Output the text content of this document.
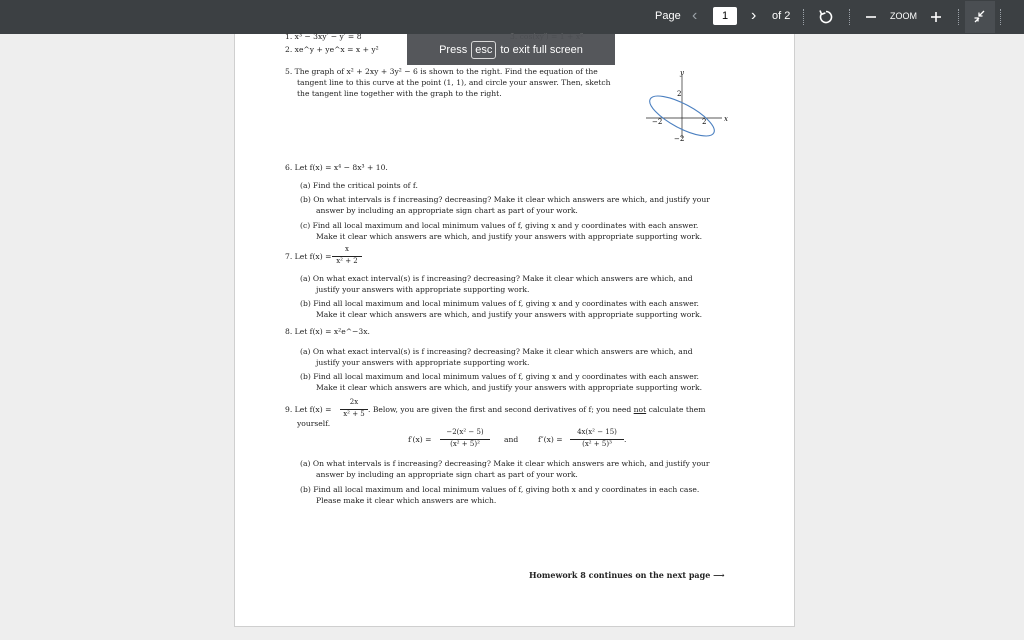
Page ‹	1	› of 2	ZOOM
1. x³ − 3xy′ − y′ = 8
2. xe^y + ye^x = x + y²
5. The graph of x² + 2xy + 3y² − 6 is shown to the right. Find the equation of the
tangent line to this curve at the point (1, 1), and circle your answer. Then, sketch
the tangent line together with the graph to the right.
y
x
2
2
−2
−2
6. Let f(x) = x⁴ − 8x³ + 10.
(a) Find the critical points of f.
(b) On what intervals is f increasing? decreasing? Make it clear which answers are which, and justify your
answer by including an appropriate sign chart as part of your work.
(c) Find all local maximum and local minimum values of f, giving x and y coordinates with each answer.
Make it clear which answers are which, and justify your answers with appropriate supporting work.
7. Let f(x) =
x
x² + 2
(a) On what exact interval(s) is f increasing? decreasing? Make it clear which answers are which, and
justify your answers with appropriate supporting work.
(b) Find all local maximum and local minimum values of f, giving x and y coordinates with each answer.
Make it clear which answers are which, and justify your answers with appropriate supporting work.
8. Let f(x) = x²e^−3x.
(a) On what exact interval(s) is f increasing? decreasing? Make it clear which answers are which, and
justify your answers with appropriate supporting work.
(b) Find all local maximum and local minimum values of f, giving x and y coordinates with each answer.
Make it clear which answers are which, and justify your answers with appropriate supporting work.
9. Let f(x) =
2x
x² + 5 . Below, you are given the first and second derivatives of f; you need not calculate them
yourself.
f′(x) =
−2(x² − 5)
(x² + 5)²	and	f″(x) =
4x(x² − 15)
(x² + 5)³	.
(a) On what intervals is f increasing? decreasing? Make it clear which answers are which, and justify your
answer by including an appropriate sign chart as part of your work.
(b) Find all local maximum and local minimum values of f, giving both x and y coordinates in each case.
Please make it clear which answers are which.
Homework 8 continues on the next page ⟶
Press esc to exit full screen
